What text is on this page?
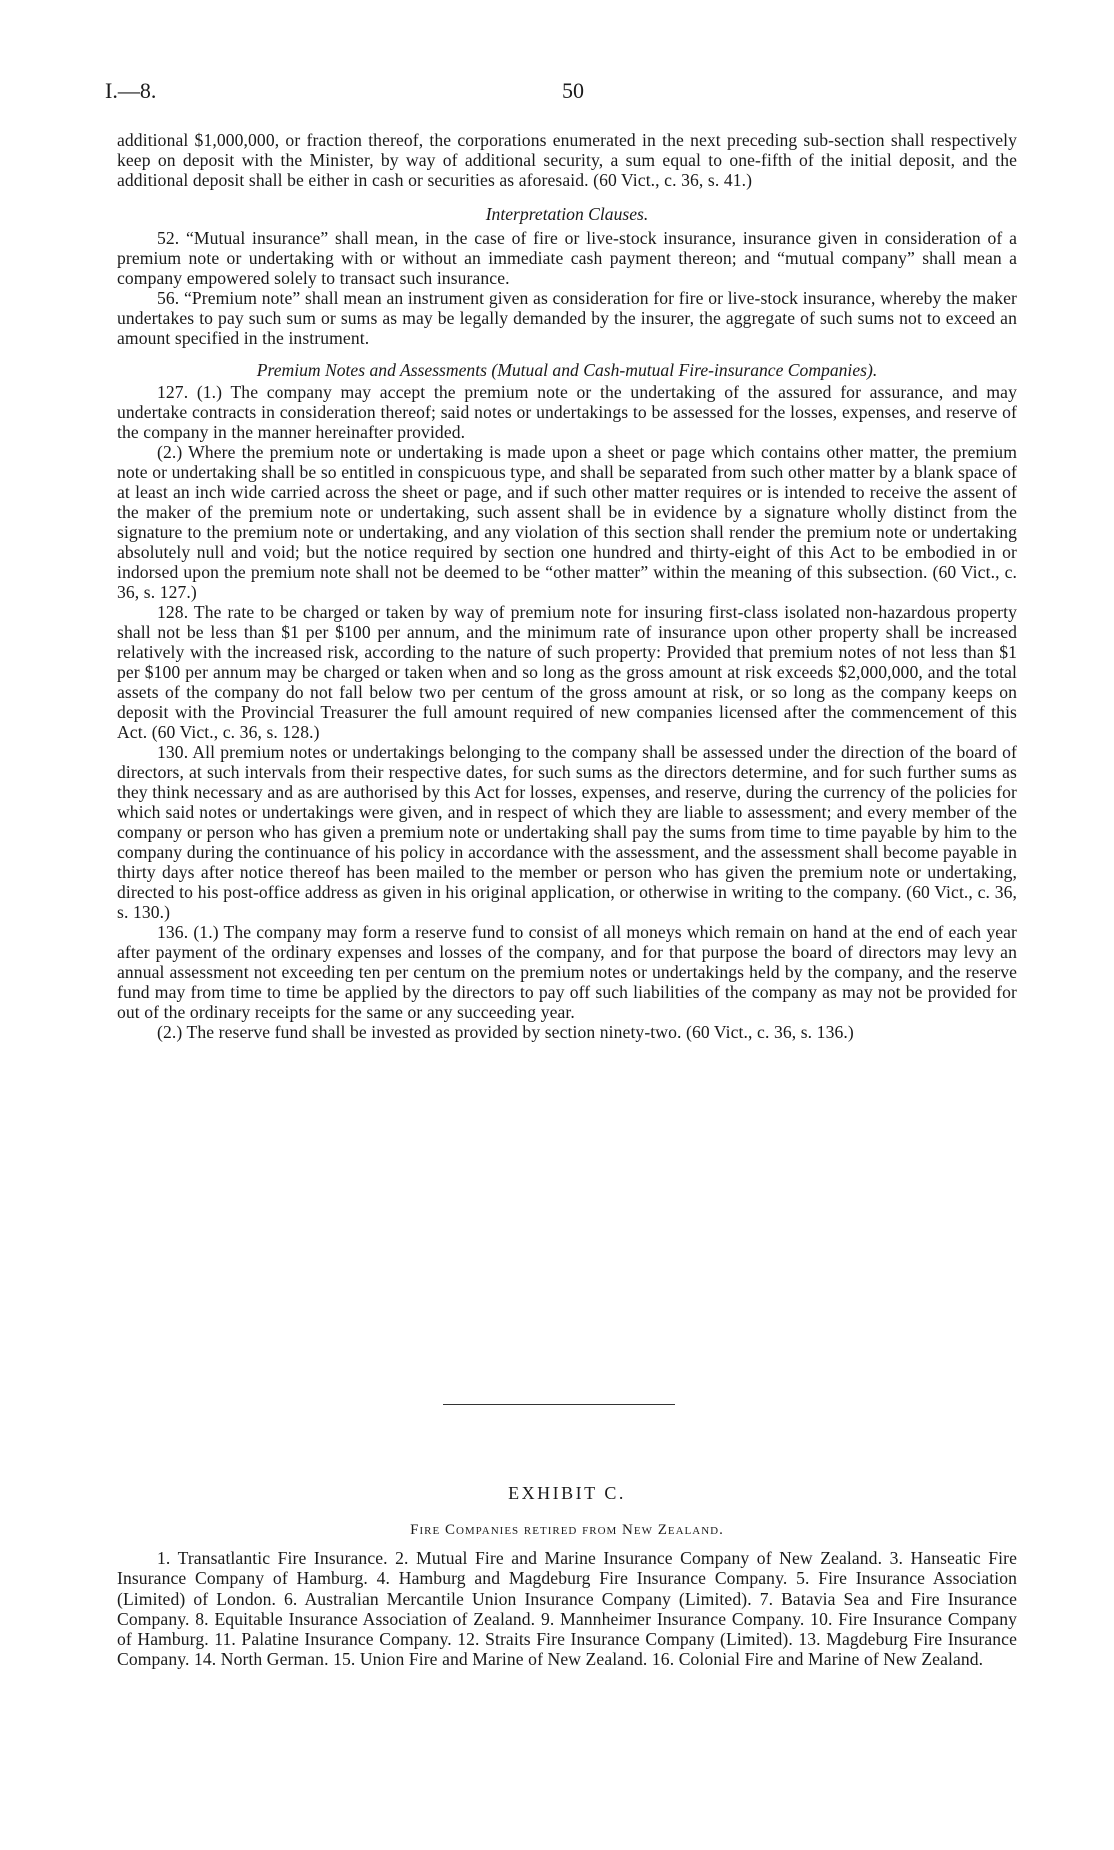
I.—8.	50

additional $1,000,000, or fraction thereof, the corporations enumerated in the next preceding sub-section shall respectively keep on deposit with the Minister, by way of additional security, a sum equal to one-fifth of the initial deposit, and the additional deposit shall be either in cash or securities as aforesaid. (60 Vict., c. 36, s. 41.)

Interpretation Clauses.

52. “Mutual insurance” shall mean, in the case of fire or live-stock insurance, insurance given in consideration of a premium note or undertaking with or without an immediate cash payment thereon; and “mutual company” shall mean a company empowered solely to transact such insurance.

56. “Premium note” shall mean an instrument given as consideration for fire or live-stock insurance, whereby the maker undertakes to pay such sum or sums as may be legally demanded by the insurer, the aggregate of such sums not to exceed an amount specified in the instrument.

Premium Notes and Assessments (Mutual and Cash-mutual Fire-insurance Companies).

127. (1.) The company may accept the premium note or the undertaking of the assured for assurance, and may undertake contracts in consideration thereof; said notes or undertakings to be assessed for the losses, expenses, and reserve of the company in the manner hereinafter provided.

(2.) Where the premium note or undertaking is made upon a sheet or page which contains other matter, the premium note or undertaking shall be so entitled in conspicuous type, and shall be separated from such other matter by a blank space of at least an inch wide carried across the sheet or page, and if such other matter requires or is intended to receive the assent of the maker of the premium note or undertaking, such assent shall be in evidence by a signature wholly distinct from the signature to the premium note or undertaking, and any violation of this section shall render the premium note or undertaking absolutely null and void; but the notice required by section one hundred and thirty-eight of this Act to be embodied in or indorsed upon the premium note shall not be deemed to be “other matter” within the meaning of this subsection. (60 Vict., c. 36, s. 127.)

128. The rate to be charged or taken by way of premium note for insuring first-class isolated non-hazardous property shall not be less than $1 per $100 per annum, and the minimum rate of insurance upon other property shall be increased relatively with the increased risk, according to the nature of such property: Provided that premium notes of not less than $1 per $100 per annum may be charged or taken when and so long as the gross amount at risk exceeds $2,000,000, and the total assets of the company do not fall below two per centum of the gross amount at risk, or so long as the company keeps on deposit with the Provincial Treasurer the full amount required of new companies licensed after the commencement of this Act. (60 Vict., c. 36, s. 128.)

130. All premium notes or undertakings belonging to the company shall be assessed under the direction of the board of directors, at such intervals from their respective dates, for such sums as the directors determine, and for such further sums as they think necessary and as are authorised by this Act for losses, expenses, and reserve, during the currency of the policies for which said notes or undertakings were given, and in respect of which they are liable to assessment; and every member of the company or person who has given a premium note or undertaking shall pay the sums from time to time payable by him to the company during the continuance of his policy in accordance with the assessment, and the assessment shall become payable in thirty days after notice thereof has been mailed to the member or person who has given the premium note or undertaking, directed to his post-office address as given in his original application, or otherwise in writing to the company. (60 Vict., c. 36, s. 130.)

136. (1.) The company may form a reserve fund to consist of all moneys which remain on hand at the end of each year after payment of the ordinary expenses and losses of the company, and for that purpose the board of directors may levy an annual assessment not exceeding ten per centum on the premium notes or undertakings held by the company, and the reserve fund may from time to time be applied by the directors to pay off such liabilities of the company as may not be provided for out of the ordinary receipts for the same or any succeeding year.

(2.) The reserve fund shall be invested as provided by section ninety-two. (60 Vict., c. 36, s. 136.)

EXHIBIT C.
Fire Companies retired from New Zealand.

1. Transatlantic Fire Insurance. 2. Mutual Fire and Marine Insurance Company of New Zealand. 3. Hanseatic Fire Insurance Company of Hamburg. 4. Hamburg and Magdeburg Fire Insurance Company. 5. Fire Insurance Association (Limited) of London. 6. Australian Mercantile Union Insurance Company (Limited). 7. Batavia Sea and Fire Insurance Company. 8. Equitable Insurance Association of Zealand. 9. Mannheimer Insurance Company. 10. Fire Insurance Company of Hamburg. 11. Palatine Insurance Company. 12. Straits Fire Insurance Company (Limited). 13. Magdeburg Fire Insurance Company. 14. North German. 15. Union Fire and Marine of New Zealand. 16. Colonial Fire and Marine of New Zealand.
